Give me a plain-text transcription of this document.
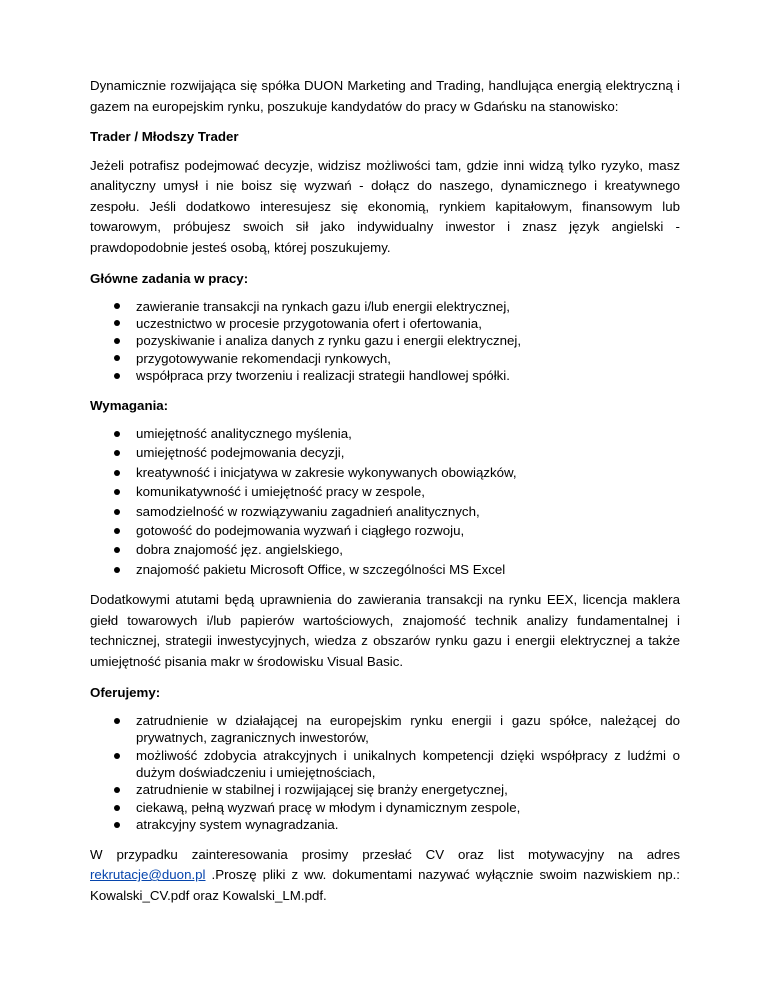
Dynamicznie rozwijająca się spółka DUON Marketing and Trading, handlująca energią elektryczną i gazem na europejskim rynku, poszukuje kandydatów do pracy w Gdańsku na stanowisko:

Trader / Młodszy Trader

Jeżeli potrafisz podejmować decyzje, widzisz możliwości tam, gdzie inni widzą tylko ryzyko, masz analityczny umysł i nie boisz się wyzwań - dołącz do naszego, dynamicznego i kreatywnego zespołu. Jeśli dodatkowo interesujesz się ekonomią, rynkiem kapitałowym, finansowym lub towarowym, próbujesz swoich sił jako indywidualny inwestor i znasz język angielski - prawdopodobnie jesteś osobą, której poszukujemy.

Główne zadania w pracy:

zawieranie transakcji na rynkach gazu i/lub energii elektrycznej,
uczestnictwo w procesie przygotowania ofert i ofertowania,
pozyskiwanie i analiza danych z rynku gazu i energii elektrycznej,
przygotowywanie rekomendacji rynkowych,
współpraca przy tworzeniu i realizacji strategii handlowej spółki.

Wymagania:

umiejętność analitycznego myślenia,
umiejętność podejmowania decyzji,
kreatywność i inicjatywa w zakresie wykonywanych obowiązków,
komunikatywność i umiejętność pracy w zespole,
samodzielność w rozwiązywaniu zagadnień analitycznych,
gotowość do podejmowania wyzwań i ciągłego rozwoju,
dobra znajomość jęz. angielskiego,
znajomość pakietu Microsoft Office, w szczególności MS Excel

Dodatkowymi atutami będą uprawnienia do zawierania transakcji na rynku EEX, licencja maklera giełd towarowych i/lub papierów wartościowych, znajomość technik analizy fundamentalnej i technicznej, strategii inwestycyjnych, wiedza z obszarów rynku gazu i energii elektrycznej a także umiejętność pisania makr w środowisku Visual Basic.

Oferujemy:

zatrudnienie w działającej na europejskim rynku energii i gazu spółce, należącej do prywatnych, zagranicznych inwestorów,
możliwość zdobycia atrakcyjnych i unikalnych kompetencji dzięki współpracy z ludźmi o dużym doświadczeniu i umiejętnościach,
zatrudnienie w stabilnej i rozwijającej się branży energetycznej,
ciekawą, pełną wyzwań pracę w młodym i dynamicznym zespole,
atrakcyjny system wynagradzania.

W przypadku zainteresowania prosimy przesłać CV oraz list motywacyjny na adres rekrutacje@duon.pl .Proszę pliki z ww. dokumentami nazywać wyłącznie swoim nazwiskiem np.: Kowalski_CV.pdf oraz Kowalski_LM.pdf.
